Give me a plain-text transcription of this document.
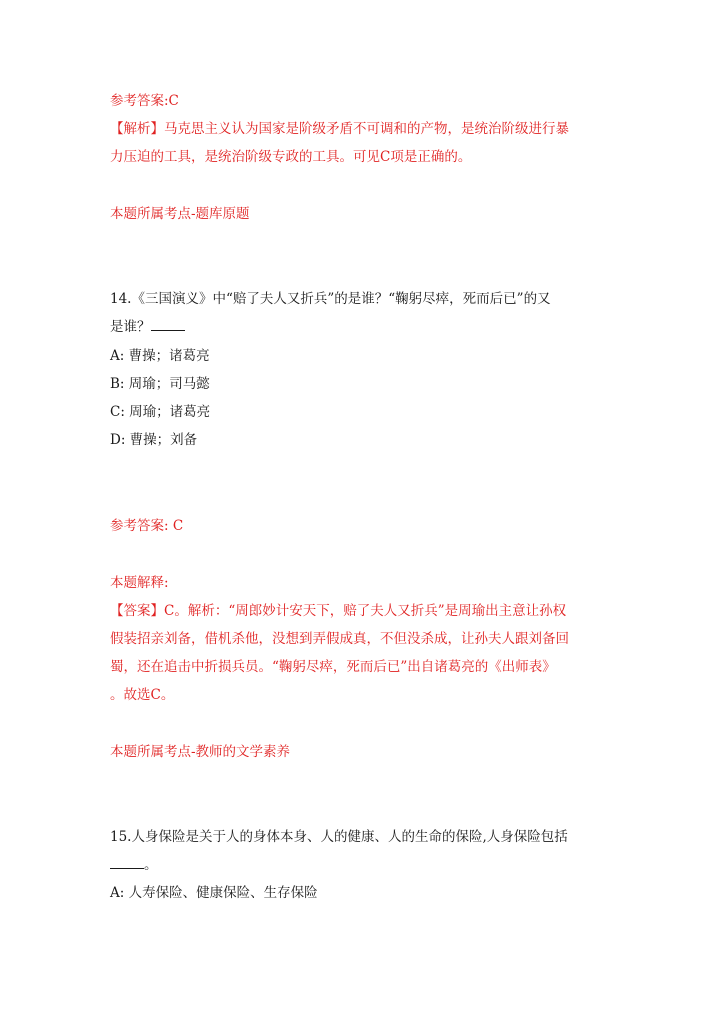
参考答案:C
【解析】马克思主义认为国家是阶级矛盾不可调和的产物，是统治阶级进行暴
力压迫的工具，是统治阶级专政的工具。可见C项是正确的。
本题所属考点-题库原题
14.《三国演义》中“赔了夫人又折兵”的是谁？“鞠躬尽瘁，死而后已”的又
是谁？
A: 曹操；诸葛亮
B: 周瑜；司马懿
C: 周瑜；诸葛亮
D: 曹操；刘备
参考答案: C
本题解释:
【答案】C。解析：“周郎妙计安天下，赔了夫人又折兵”是周瑜出主意让孙权
假装招亲刘备，借机杀他，没想到弄假成真，不但没杀成，让孙夫人跟刘备回
蜀，还在追击中折损兵员。“鞠躬尽瘁，死而后已”出自诸葛亮的《出师表》
。故选C。
本题所属考点-教师的文学素养
15.人身保险是关于人的身体本身、人的健康、人的生命的保险,人身保险包括
。
A: 人寿保险、健康保险、生存保险
